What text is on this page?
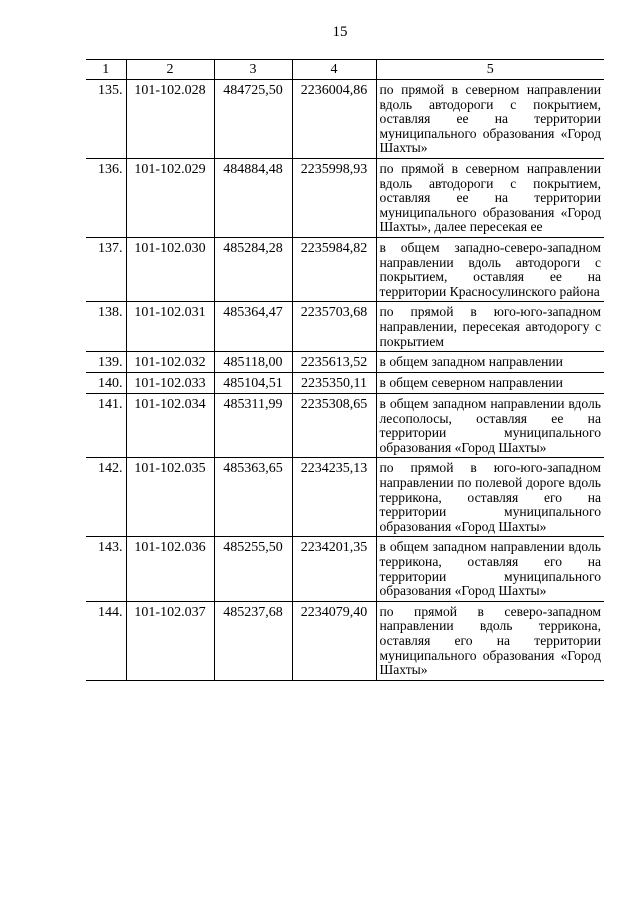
15
1	2	3	4	5
135.	101-102.028	484725,50	2236004,86	по прямой в северном направлении вдоль автодороги с покрытием, оставляя ее на территории муниципального образования «Город Шахты»
136.	101-102.029	484884,48	2235998,93	по прямой в северном направлении вдоль автодороги с покрытием, оставляя ее на территории муниципального образования «Город Шахты», далее пересекая ее
137.	101-102.030	485284,28	2235984,82	в общем западно-северо-западном направлении вдоль автодороги с покрытием, оставляя ее на территории Красносулинского района
138.	101-102.031	485364,47	2235703,68	по прямой в юго-юго-западном направлении, пересекая автодорогу с покрытием
139.	101-102.032	485118,00	2235613,52	в общем западном направлении
140.	101-102.033	485104,51	2235350,11	в общем северном направлении
141.	101-102.034	485311,99	2235308,65	в общем западном направлении вдоль лесополосы, оставляя ее на территории муниципального образования «Город Шахты»
142.	101-102.035	485363,65	2234235,13	по прямой в юго-юго-западном направлении по полевой дороге вдоль терриконa, оставляя его на территории муниципального образования «Город Шахты»
143.	101-102.036	485255,50	2234201,35	в общем западном направлении вдоль терриконa, оставляя его на территории муниципального образования «Город Шахты»
144.	101-102.037	485237,68	2234079,40	по прямой в северо-западном направлении вдоль терриконa, оставляя его на территории муниципального образования «Город Шахты»
